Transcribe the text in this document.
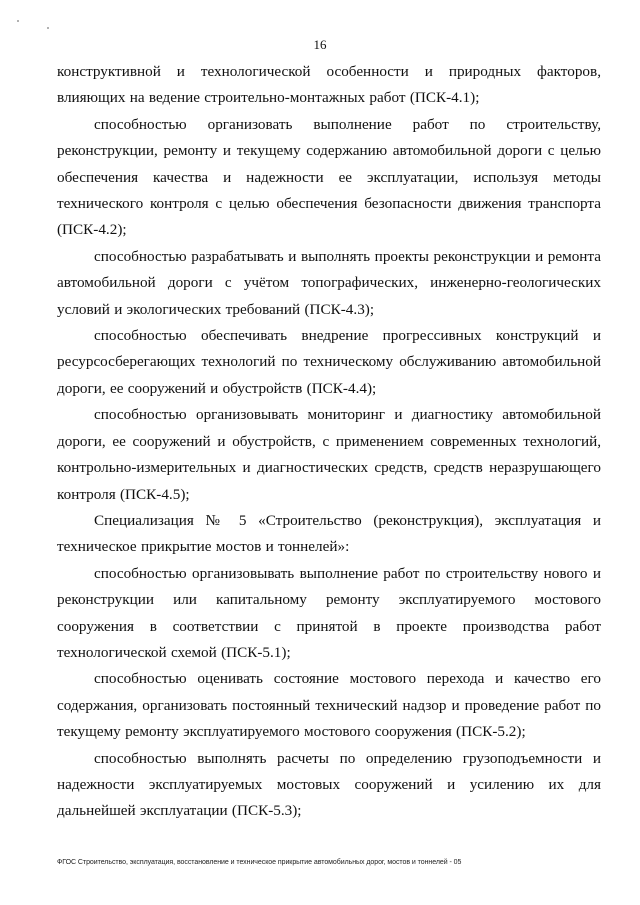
16

конструктивной и технологической особенности и природных факторов, влияющих на ведение строительно-монтажных работ (ПСК-4.1);

способностью организовать выполнение работ по строительству, реконструкции, ремонту и текущему содержанию автомобильной дороги с целью обеспечения качества и надежности ее эксплуатации, используя методы технического контроля с целью обеспечения безопасности движения транспорта (ПСК-4.2);

способностью разрабатывать и выполнять проекты реконструкции и ремонта автомобильной дороги с учётом топографических, инженерно-геологических условий и экологических требований (ПСК-4.3);

способностью обеспечивать внедрение прогрессивных конструкций и ресурсосберегающих технологий по техническому обслуживанию автомобильной дороги, ее сооружений и обустройств (ПСК-4.4);

способностью организовывать мониторинг и диагностику автомобильной дороги, ее сооружений и обустройств, с применением современных технологий, контрольно-измерительных и диагностических средств, средств неразрушающего контроля (ПСК-4.5);

Специализация № 5 «Строительство (реконструкция), эксплуатация и техническое прикрытие мостов и тоннелей»:

способностью организовывать выполнение работ по строительству нового и реконструкции или капитальному ремонту эксплуатируемого мостового сооружения в соответствии с принятой в проекте производства работ технологической схемой (ПСК-5.1);

способностью оценивать состояние мостового перехода и качество его содержания, организовать постоянный технический надзор и проведение работ по текущему ремонту эксплуатируемого мостового сооружения (ПСК-5.2);

способностью выполнять расчеты по определению грузоподъемности и надежности эксплуатируемых мостовых сооружений и усилению их для дальнейшей эксплуатации (ПСК-5.3);

ФГОС Строительство, эксплуатация, восстановление и техническое прикрытие автомобильных дорог, мостов и тоннелей - 05
